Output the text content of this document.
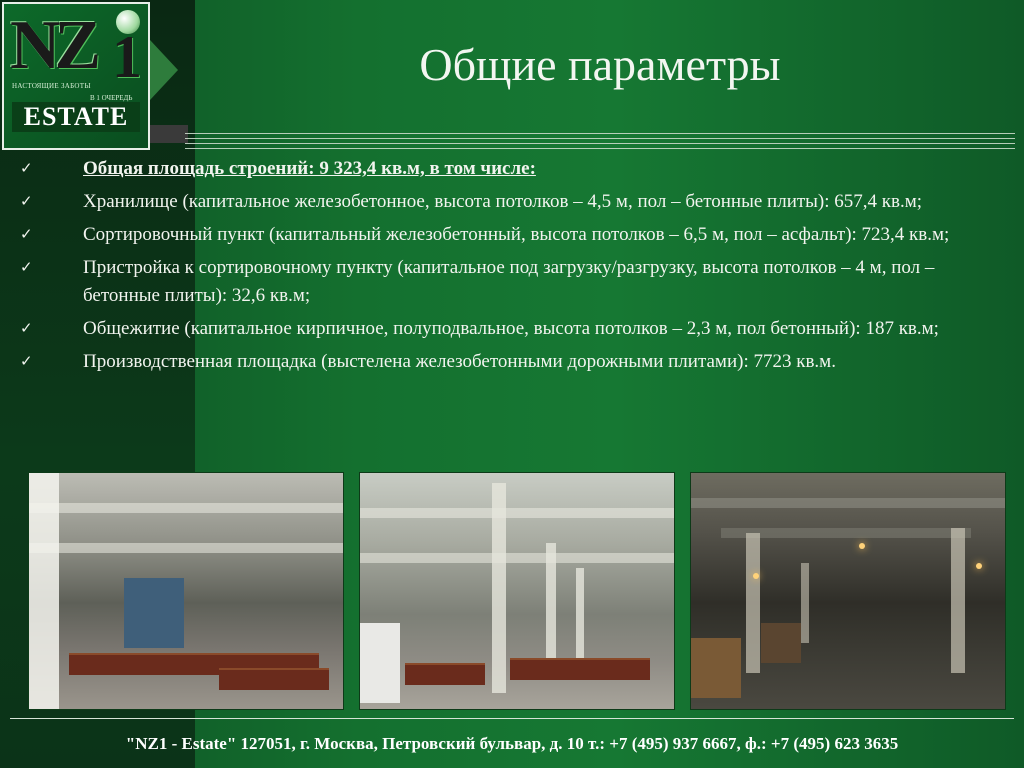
NZ 1
НАСТОЯЩИЕ ЗАБОТЫ
В 1 ОЧЕРЕДЬ
ESTATE
Общие параметры
✓	Общая площадь строений: 9 323,4 кв.м, в том числе:
✓	Хранилище (капитальное железобетонное, высота потолков – 4,5 м, пол – бетонные плиты): 657,4 кв.м;
✓	Сортировочный пункт (капитальный железобетонный, высота потолков – 6,5 м, пол – асфальт): 723,4 кв.м;
✓	Пристройка к сортировочному пункту (капитальное под загрузку/разгрузку, высота потолков – 4 м, пол – бетонные плиты): 32,6 кв.м;
✓	Общежитие (капитальное кирпичное, полуподвальное, высота потолков – 2,3 м, пол бетонный): 187 кв.м;
✓	Производственная площадка (выстелена железобетонными дорожными плитами): 7723 кв.м.
"NZ1 - Estate" 127051, г. Москва, Петровский бульвар, д. 10 т.: +7 (495) 937 6667, ф.: +7 (495) 623 3635
